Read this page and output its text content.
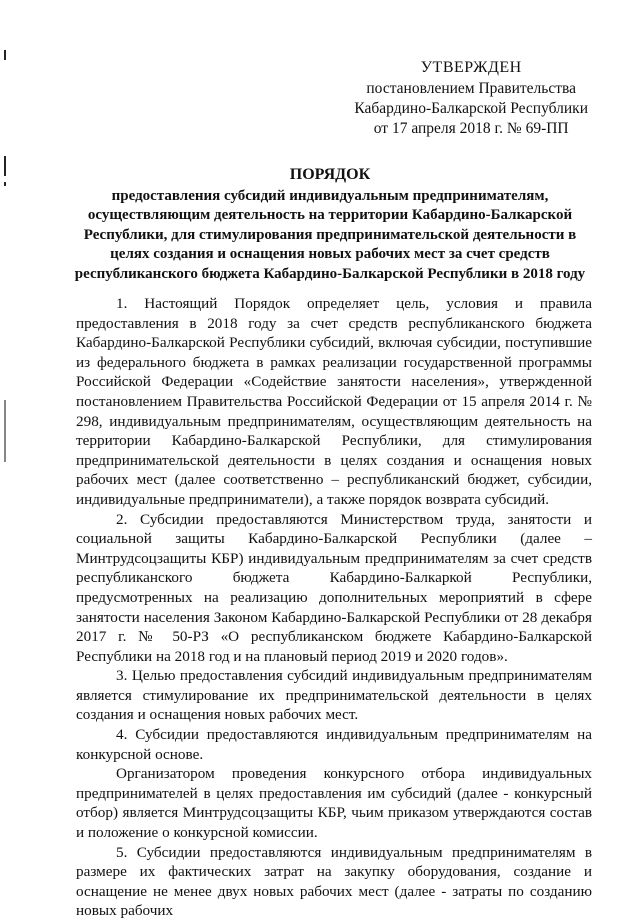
УТВЕРЖДЕН
постановлением Правительства
Кабардино-Балкарской Республики
от 17 апреля 2018 г. № 69-ПП
ПОРЯДОК
предоставления субсидий индивидуальным предпринимателям, осуществляющим деятельность на территории Кабардино-Балкарской Республики, для стимулирования предпринимательской деятельности в целях создания и оснащения новых рабочих мест за счет средств республиканского бюджета Кабардино-Балкарской Республики в 2018 году

1. Настоящий Порядок определяет цель, условия и правила предоставления в 2018 году за счет средств республиканского бюджета Кабардино-Балкарской Республики субсидий, включая субсидии, поступившие из федерального бюджета в рамках реализации государственной программы Российской Федерации «Содействие занятости населения», утвержденной постановлением Правительства Российской Федерации от 15 апреля 2014 г. № 298, индивидуальным предпринимателям, осуществляющим деятельность на территории Кабардино-Балкарской Республики, для стимулирования предпринимательской деятельности в целях создания и оснащения новых рабочих мест (далее соответственно – республиканский бюджет, субсидии, индивидуальные предприниматели), а также порядок возврата субсидий.

2. Субсидии предоставляются Министерством труда, занятости и социальной защиты Кабардино-Балкарской Республики (далее – Минтрудсоцзащиты КБР) индивидуальным предпринимателям за счет средств республиканского бюджета Кабардино-Балкаркой Республики, предусмотренных на реализацию дополнительных мероприятий в сфере занятости населения Законом Кабардино-Балкарской Республики от 28 декабря 2017 г. № 50-РЗ «О республиканском бюджете Кабардино-Балкарской Республики на 2018 год и на плановый период 2019 и 2020 годов».

3. Целью предоставления субсидий индивидуальным предпринимателям является стимулирование их предпринимательской деятельности в целях создания и оснащения новых рабочих мест.

4. Субсидии предоставляются индивидуальным предпринимателям на конкурсной основе.

Организатором проведения конкурсного отбора индивидуальных предпринимателей в целях предоставления им субсидий (далее - конкурсный отбор) является Минтрудсоцзащиты КБР, чьим приказом утверждаются состав и положение о конкурсной комиссии.

5. Субсидии предоставляются индивидуальным предпринимателям в размере их фактических затрат на закупку оборудования, создание и оснащение не менее двух новых рабочих мест (далее - затраты по созданию новых рабочих
